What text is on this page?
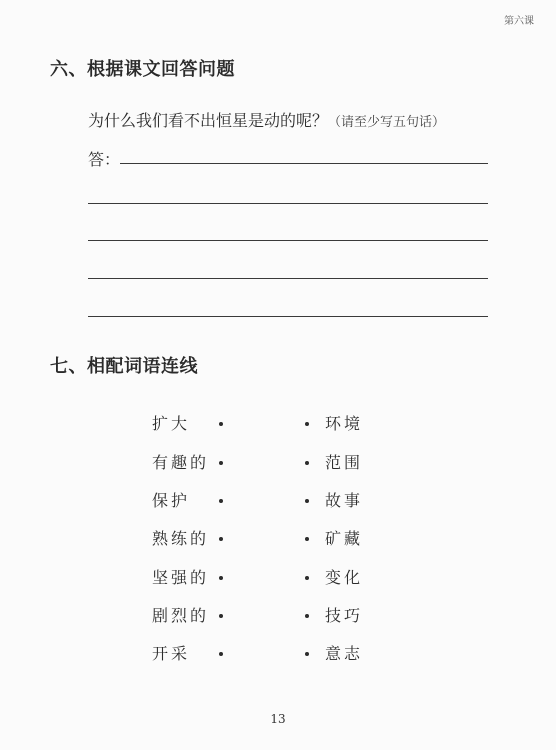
第六课
六、根据课文回答问题
为什么我们看不出恒星是动的呢？（请至少写五句话）
答：
七、相配词语连线
扩大	环境
有趣的	范围
保护	故事
熟练的	矿藏
坚强的	变化
剧烈的	技巧
开采	意志
13
